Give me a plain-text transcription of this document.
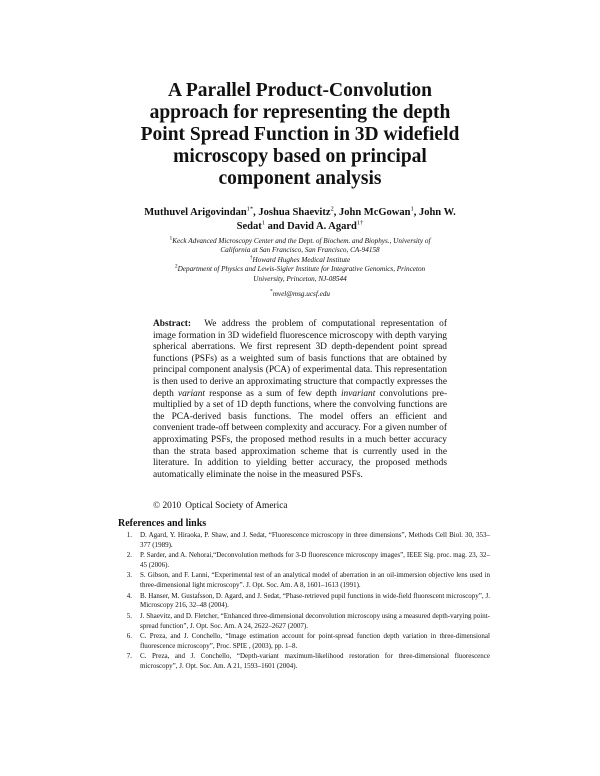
A Parallel Product-Convolution
approach for representing the depth
Point Spread Function in 3D widefield
microscopy based on principal
component analysis
Muthuvel Arigovindan$^{1*}$, Joshua Shaevitz$^2$, John McGowan$^1$, John W.
Sedat$^1$ and David A. Agard$^{1\dagger}$
$^1$Keck Advanced Microscopy Center and the Dept. of Biochem. and Biophys., University of
California at San Francisco, San Francisco, CA-94158
†Howard Hughes Medical Institute
$^2$Department of Physics and Lewis-Sigler Institute for Integrative Genomics, Princeton
University, Princeton, NJ-08544
*mvel@msg.ucsf.edu

Abstract: We address the problem of computational representation of image formation in 3D widefield fluorescence microscopy with depth varying spherical aberrations. We first represent 3D depth-dependent point spread functions (PSFs) as a weighted sum of basis functions that are obtained by principal component analysis (PCA) of experimental data. This representation is then used to derive an approximating structure that compactly expresses the depth variant response as a sum of few depth invariant convolutions pre-multiplied by a set of 1D depth functions, where the convolving functions are the PCA-derived basis functions. The model offers an efficient and convenient trade-off between complexity and accuracy. For a given number of approximating PSFs, the proposed method results in a much better accuracy than the strata based approximation scheme that is currently used in the literature. In addition to yielding better accuracy, the proposed methods automatically eliminate the noise in the measured PSFs.

© 2010 Optical Society of America
References and links
1. D. Agard, Y. Hiraoka, P. Shaw, and J. Sedat, “Fluorescence microscopy in three dimensions”, Methods Cell Biol. 30, 353–377 (1989).
2. P. Sarder, and A. Nehorai,“Deconvolution methods for 3-D fluorescence microscopy images”, IEEE Sig. proc. mag. 23, 32–45 (2006).
3. S. Gibson, and F. Lanni, “Experimental test of an analytical model of aberration in an oil-immersion objective lens used in three-dimensional light microscopy”. J. Opt. Soc. Am. A 8, 1601–1613 (1991).
4. B. Hanser, M. Gustafsson, D. Agard, and J. Sedat, “Phase-retrieved pupil functions in wide-field fluorescent microscopy”, J. Microscopy 216, 32–48 (2004).
5. J. Shaevitz, and D. Fletcher, “Enhanced three-dimensional deconvolution microscopy using a measured depth-varying point-spread function”, J. Opt. Soc. Am. A 24, 2622–2627 (2007).
6. C. Preza, and J. Conchello, “Image estimation account for point-spread function depth variation in three-dimensional fluorescence microscopy”, Proc. SPIE , (2003), pp. 1–8.
7. C. Preza, and J. Conchello, “Depth-variant maximum-likelihood restoration for three-dimensional fluorescence microscopy”, J. Opt. Soc. Am. A 21, 1593–1601 (2004).
